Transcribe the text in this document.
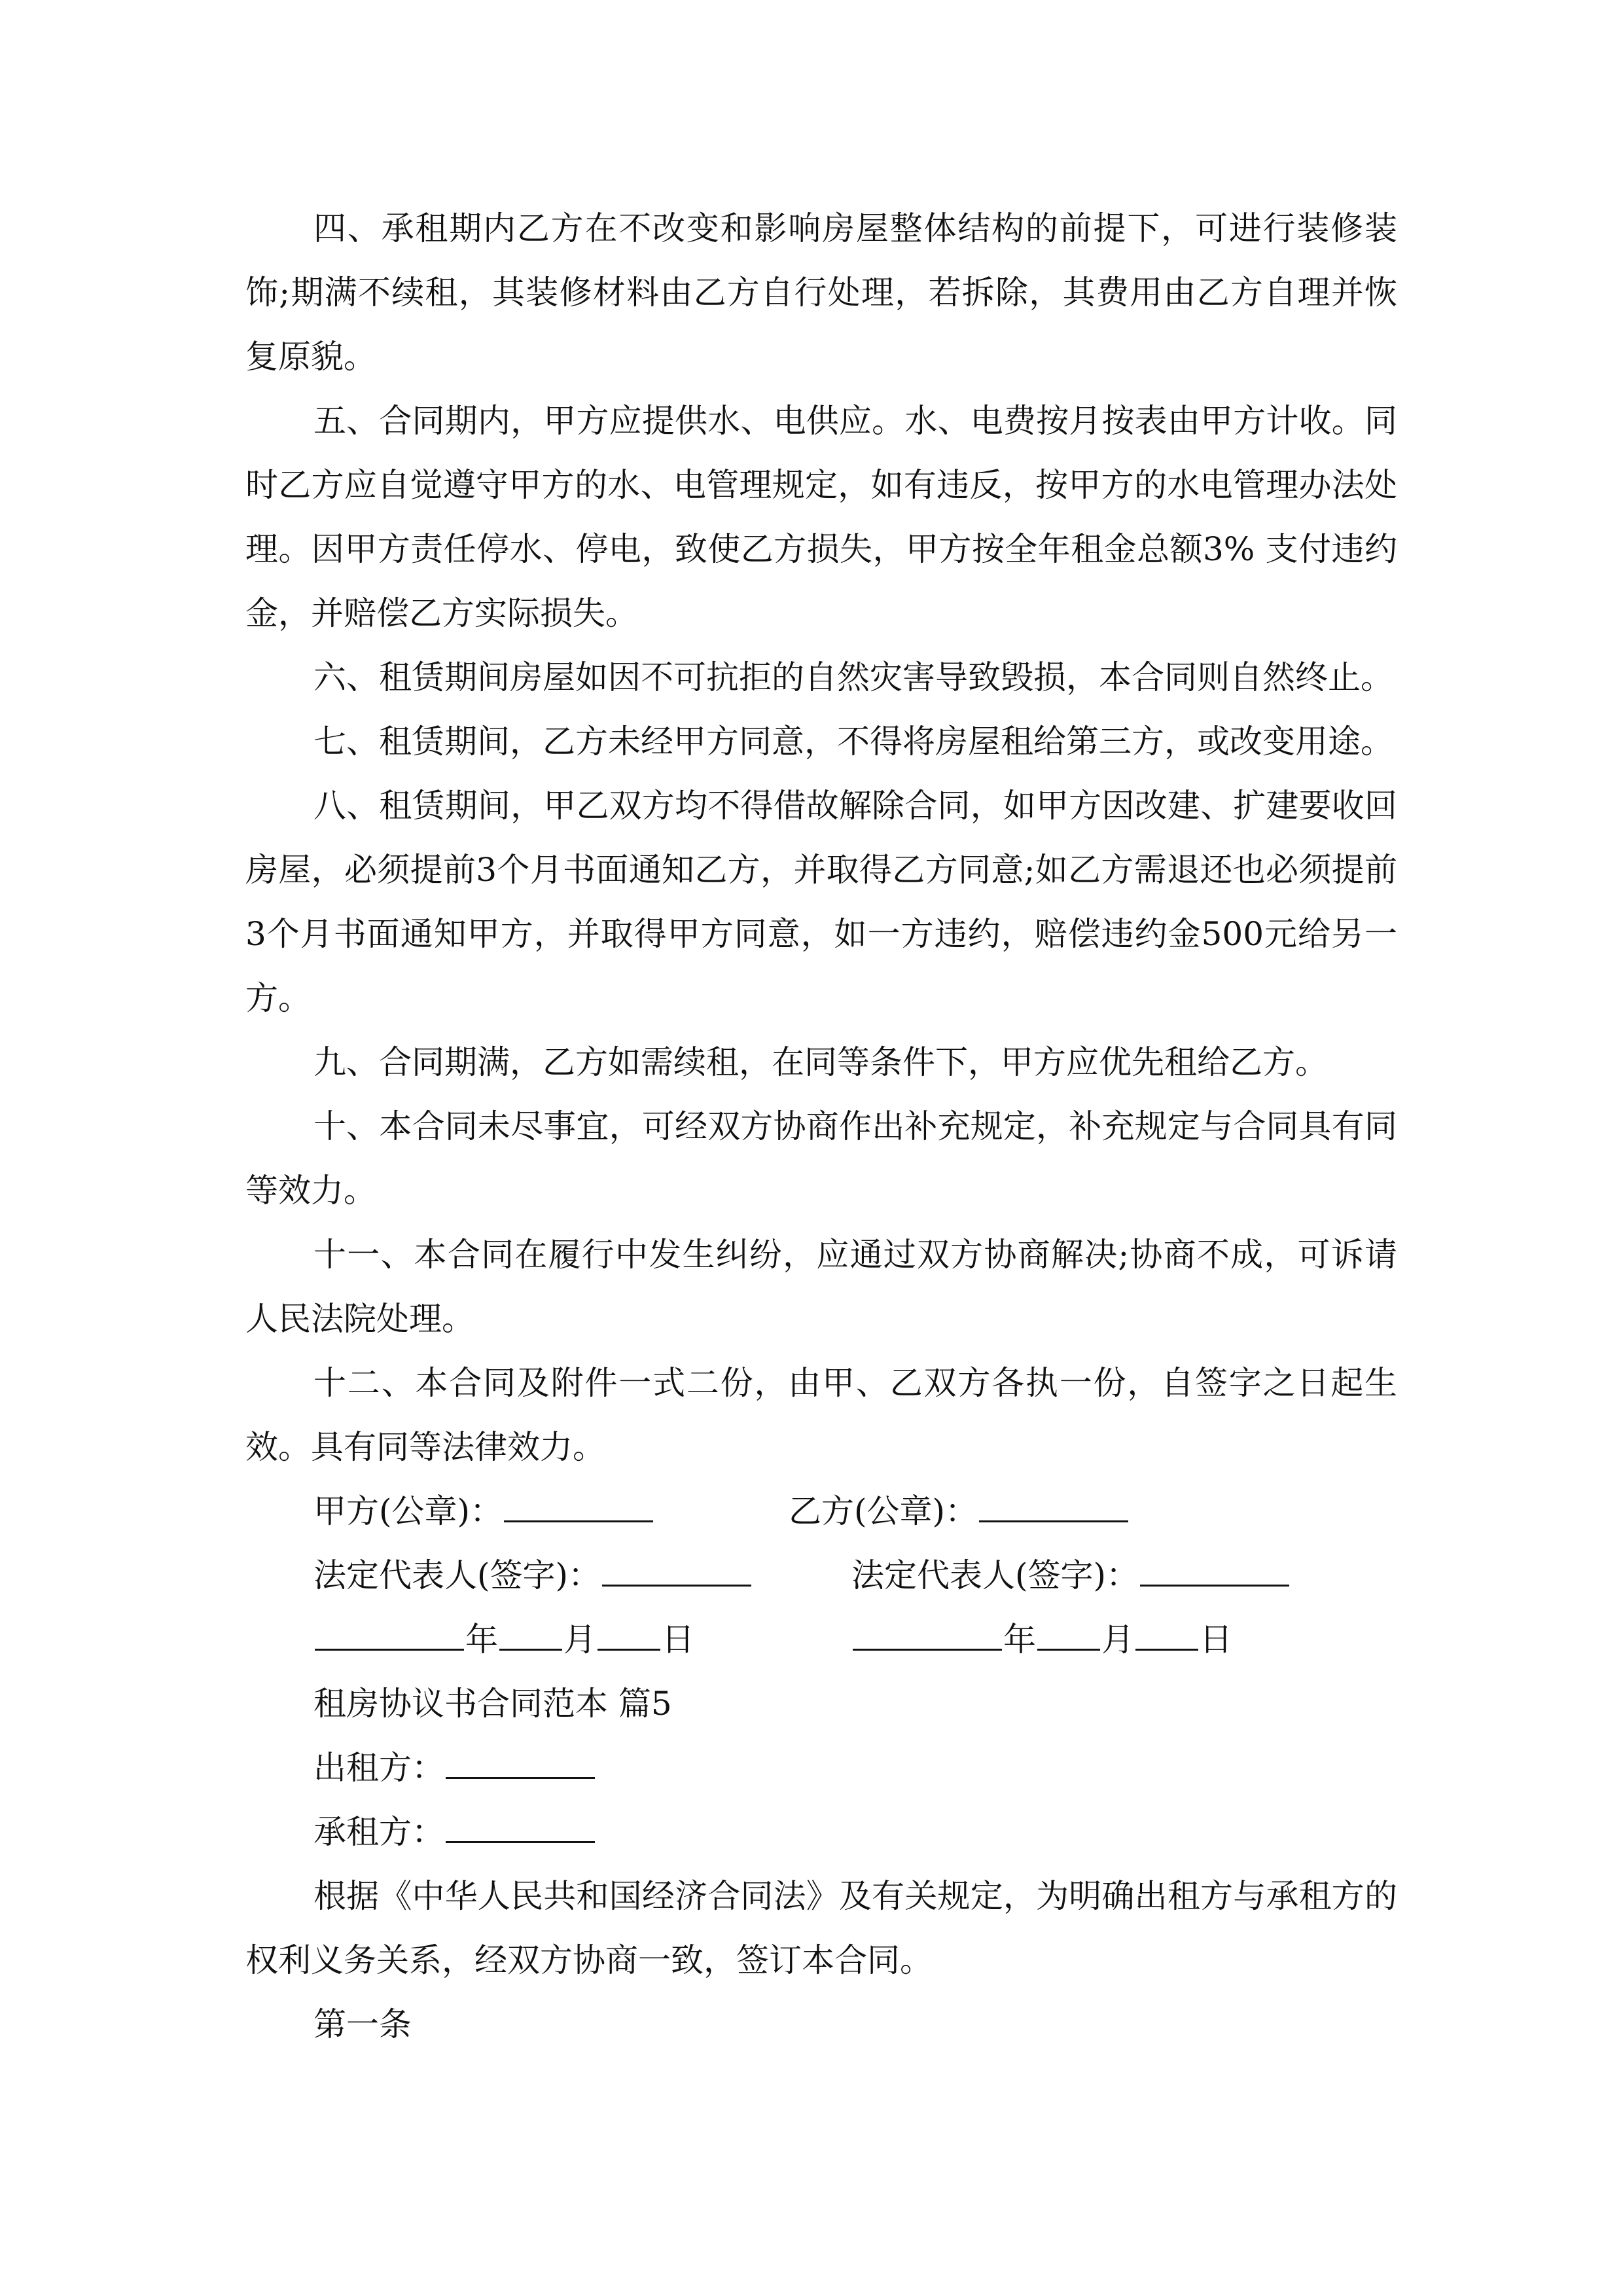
四、承租期内乙方在不改变和影响房屋整体结构的前提下，可进行装修装饰;期满不续租，其装修材料由乙方自行处理，若拆除，其费用由乙方自理并恢复原貌。

五、合同期内，甲方应提供水、电供应。水、电费按月按表由甲方计收。同时乙方应自觉遵守甲方的水、电管理规定，如有违反，按甲方的水电管理办法处理。因甲方责任停水、停电，致使乙方损失，甲方按全年租金总额3% 支付违约金，并赔偿乙方实际损失。

六、租赁期间房屋如因不可抗拒的自然灾害导致毁损，本合同则自然终止。

七、租赁期间，乙方未经甲方同意，不得将房屋租给第三方，或改变用途。

八、租赁期间，甲乙双方均不得借故解除合同，如甲方因改建、扩建要收回房屋，必须提前3个月书面通知乙方，并取得乙方同意;如乙方需退还也必须提前3个月书面通知甲方，并取得甲方同意，如一方违约，赔偿违约金500元给另一方。

九、合同期满，乙方如需续租，在同等条件下，甲方应优先租给乙方。

十、本合同未尽事宜，可经双方协商作出补充规定，补充规定与合同具有同等效力。

十一、本合同在履行中发生纠纷，应通过双方协商解决;协商不成，可诉请人民法院处理。

十二、本合同及附件一式二份，由甲、乙双方各执一份，自签字之日起生效。具有同等法律效力。

甲方(公章)：	乙方(公章)：
法定代表人(签字)：	法定代表人(签字)：
年 月 日	年 月 日

租房协议书合同范本 篇5

出租方：

承租方：

根据《中华人民共和国经济合同法》及有关规定，为明确出租方与承租方的权利义务关系，经双方协商一致，签订本合同。

第一条
